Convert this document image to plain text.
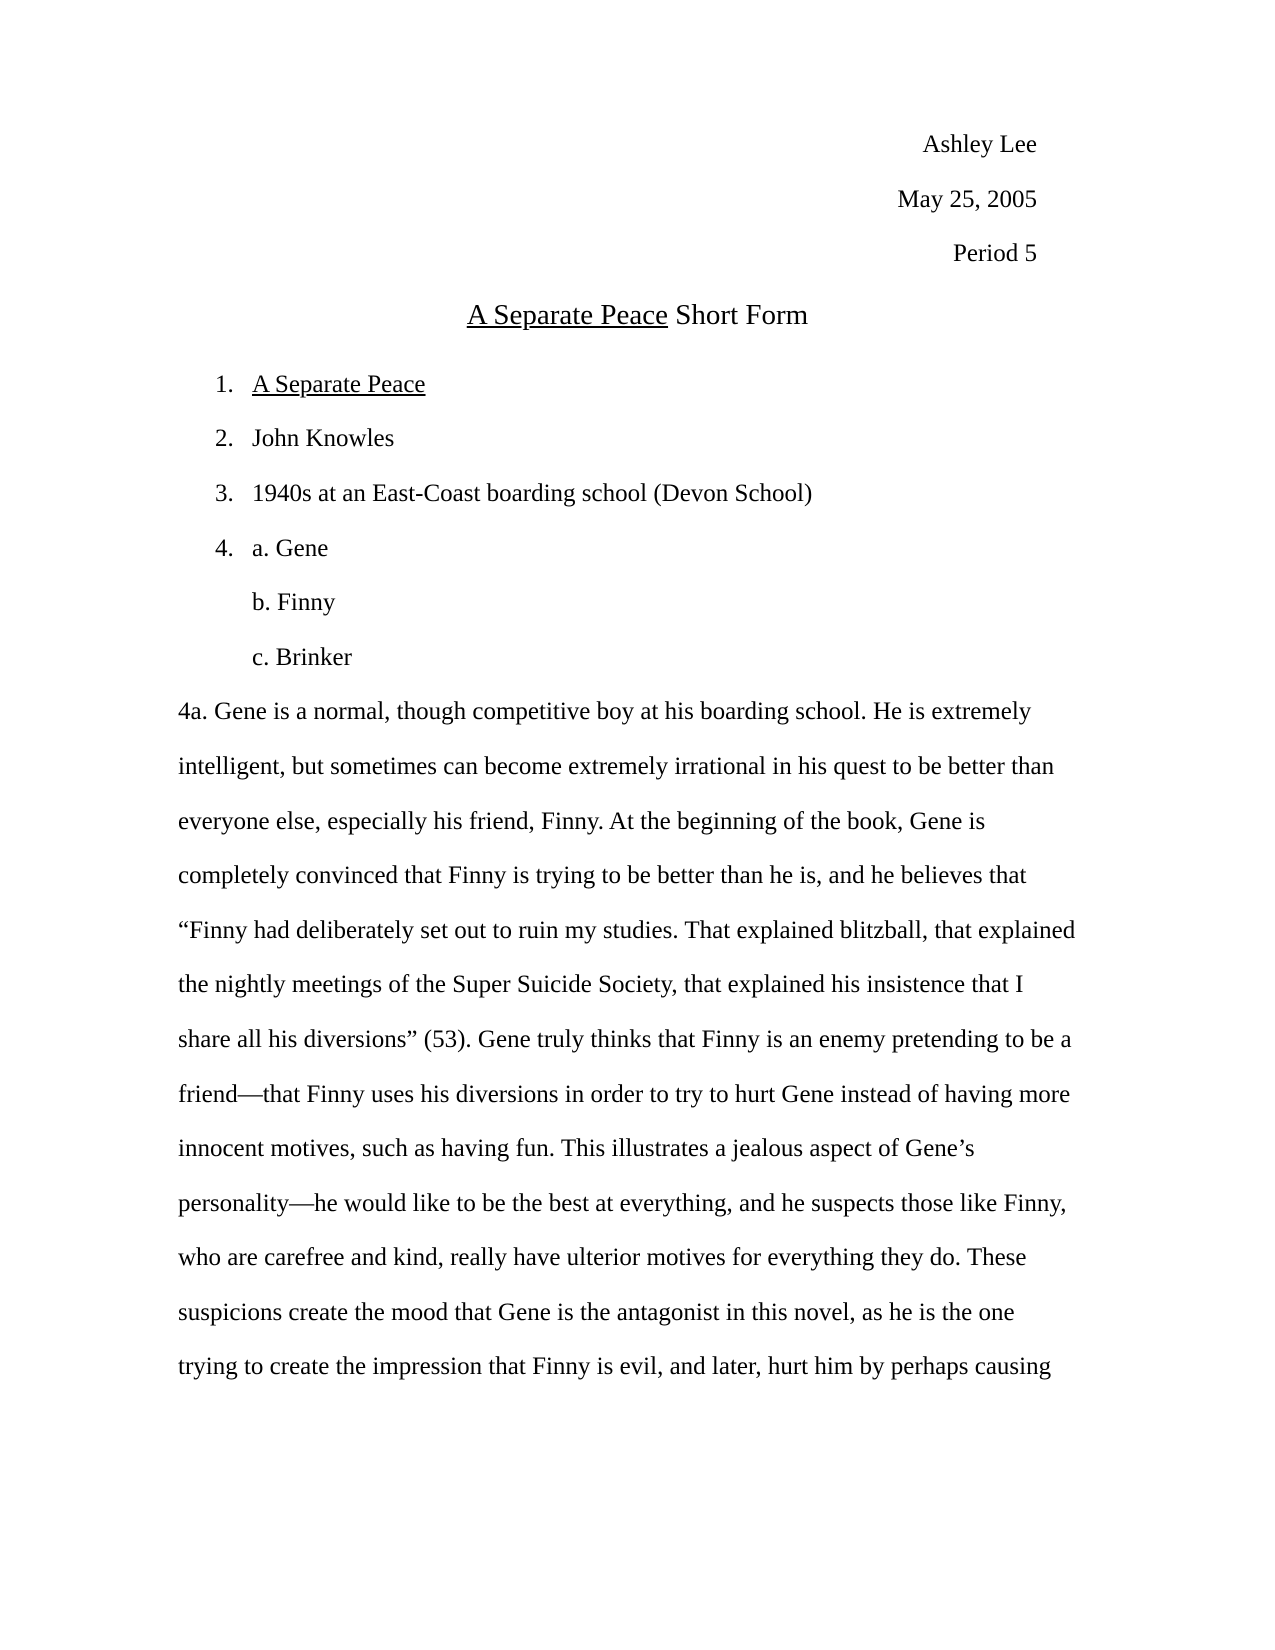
Ashley Lee
May 25, 2005
Period 5
A Separate Peace Short Form
1. A Separate Peace
2. John Knowles
3. 1940s at an East-Coast boarding school (Devon School)
4. a. Gene
b. Finny
c. Brinker
4a. Gene is a normal, though competitive boy at his boarding school. He is extremely
intelligent, but sometimes can become extremely irrational in his quest to be better than
everyone else, especially his friend, Finny. At the beginning of the book, Gene is
completely convinced that Finny is trying to be better than he is, and he believes that
“Finny had deliberately set out to ruin my studies. That explained blitzball, that explained
the nightly meetings of the Super Suicide Society, that explained his insistence that I
share all his diversions” (53). Gene truly thinks that Finny is an enemy pretending to be a
friend—that Finny uses his diversions in order to try to hurt Gene instead of having more
innocent motives, such as having fun. This illustrates a jealous aspect of Gene’s
personality—he would like to be the best at everything, and he suspects those like Finny,
who are carefree and kind, really have ulterior motives for everything they do. These
suspicions create the mood that Gene is the antagonist in this novel, as he is the one
trying to create the impression that Finny is evil, and later, hurt him by perhaps causing
